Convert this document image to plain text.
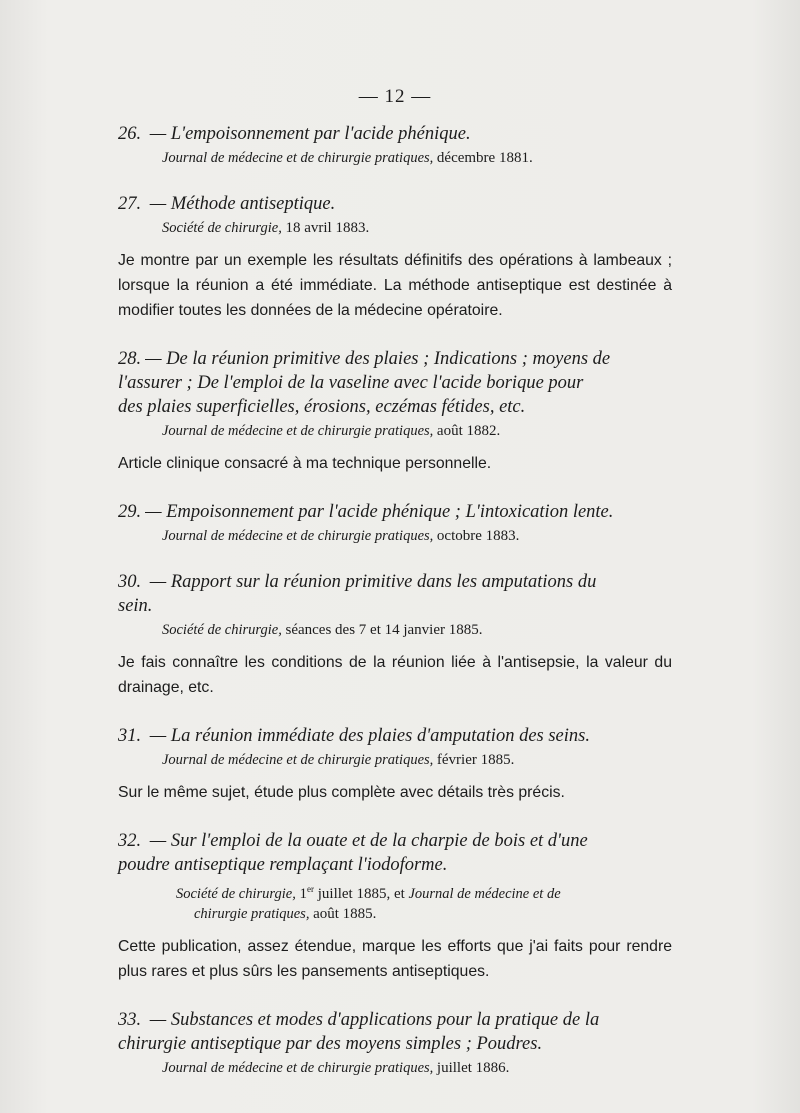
— 12 —

26. — L'empoisonnement par l'acide phénique.

Journal de médecine et de chirurgie pratiques, décembre 1881.

27. — Méthode antiseptique.

Société de chirurgie, 18 avril 1883.

Je montre par un exemple les résultats définitifs des opérations à lambeaux ; lorsque la réunion a été immédiate. La méthode antiseptique est destinée à modifier toutes les données de la médecine opératoire.

28. — De la réunion primitive des plaies ; Indications ; moyens de
l'assurer ; De l'emploi de la vaseline avec l'acide borique pour
des plaies superficielles, érosions, eczémas fétides, etc.

Journal de médecine et de chirurgie pratiques, août 1882.

Article clinique consacré à ma technique personnelle.

29. — Empoisonnement par l'acide phénique ; L'intoxication lente.

Journal de médecine et de chirurgie pratiques, octobre 1883.

30. — Rapport sur la réunion primitive dans les amputations du
sein.

Société de chirurgie, séances des 7 et 14 janvier 1885.

Je fais connaître les conditions de la réunion liée à l'antisepsie, la valeur du drainage, etc.

31. — La réunion immédiate des plaies d'amputation des seins.

Journal de médecine et de chirurgie pratiques, février 1885.

Sur le même sujet, étude plus complète avec détails très précis.

32. — Sur l'emploi de la ouate et de la charpie de bois et d'une
poudre antiseptique remplaçant l'iodoforme.

Société de chirurgie, 1er juillet 1885, et Journal de médecine et de
chirurgie pratiques, août 1885.

Cette publication, assez étendue, marque les efforts que j'ai faits pour rendre plus rares et plus sûrs les pansements antiseptiques.

33. — Substances et modes d'applications pour la pratique de la
chirurgie antiseptique par des moyens simples ; Poudres.

Journal de médecine et de chirurgie pratiques, juillet 1886.
